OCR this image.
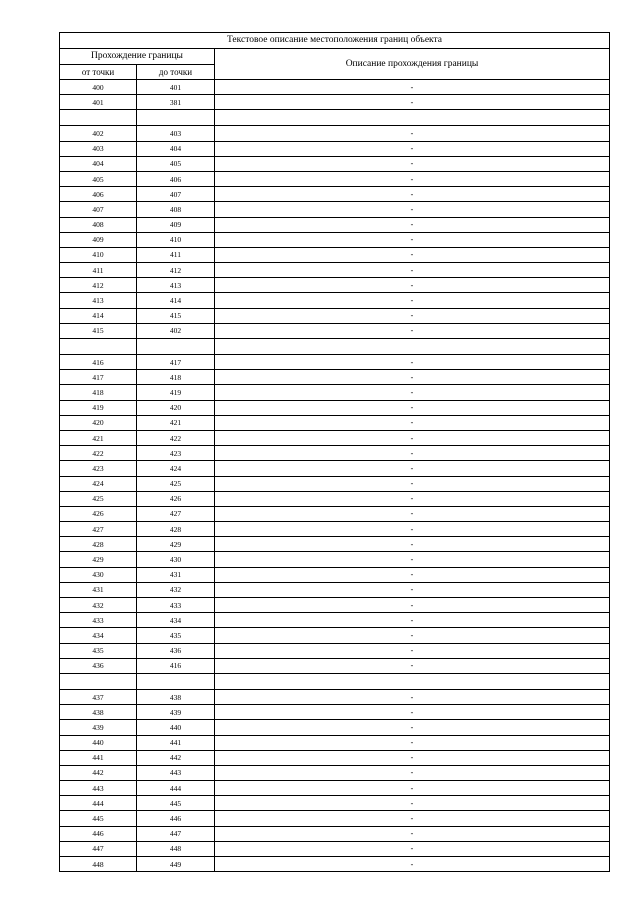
Текстовое описание местоположения границ объекта		
Прохождение границы		Описание прохождения границы
от точки	до точки	
400	401	-
401	381	-

402	403	-
403	404	-
404	405	-
405	406	-
406	407	-
407	408	-
408	409	-
409	410	-
410	411	-
411	412	-
412	413	-
413	414	-
414	415	-
415	402	-

416	417	-
417	418	-
418	419	-
419	420	-
420	421	-
421	422	-
422	423	-
423	424	-
424	425	-
425	426	-
426	427	-
427	428	-
428	429	-
429	430	-
430	431	-
431	432	-
432	433	-
433	434	-
434	435	-
435	436	-
436	416	-

437	438	-
438	439	-
439	440	-
440	441	-
441	442	-
442	443	-
443	444	-
444	445	-
445	446	-
446	447	-
447	448	-
448	449	-
